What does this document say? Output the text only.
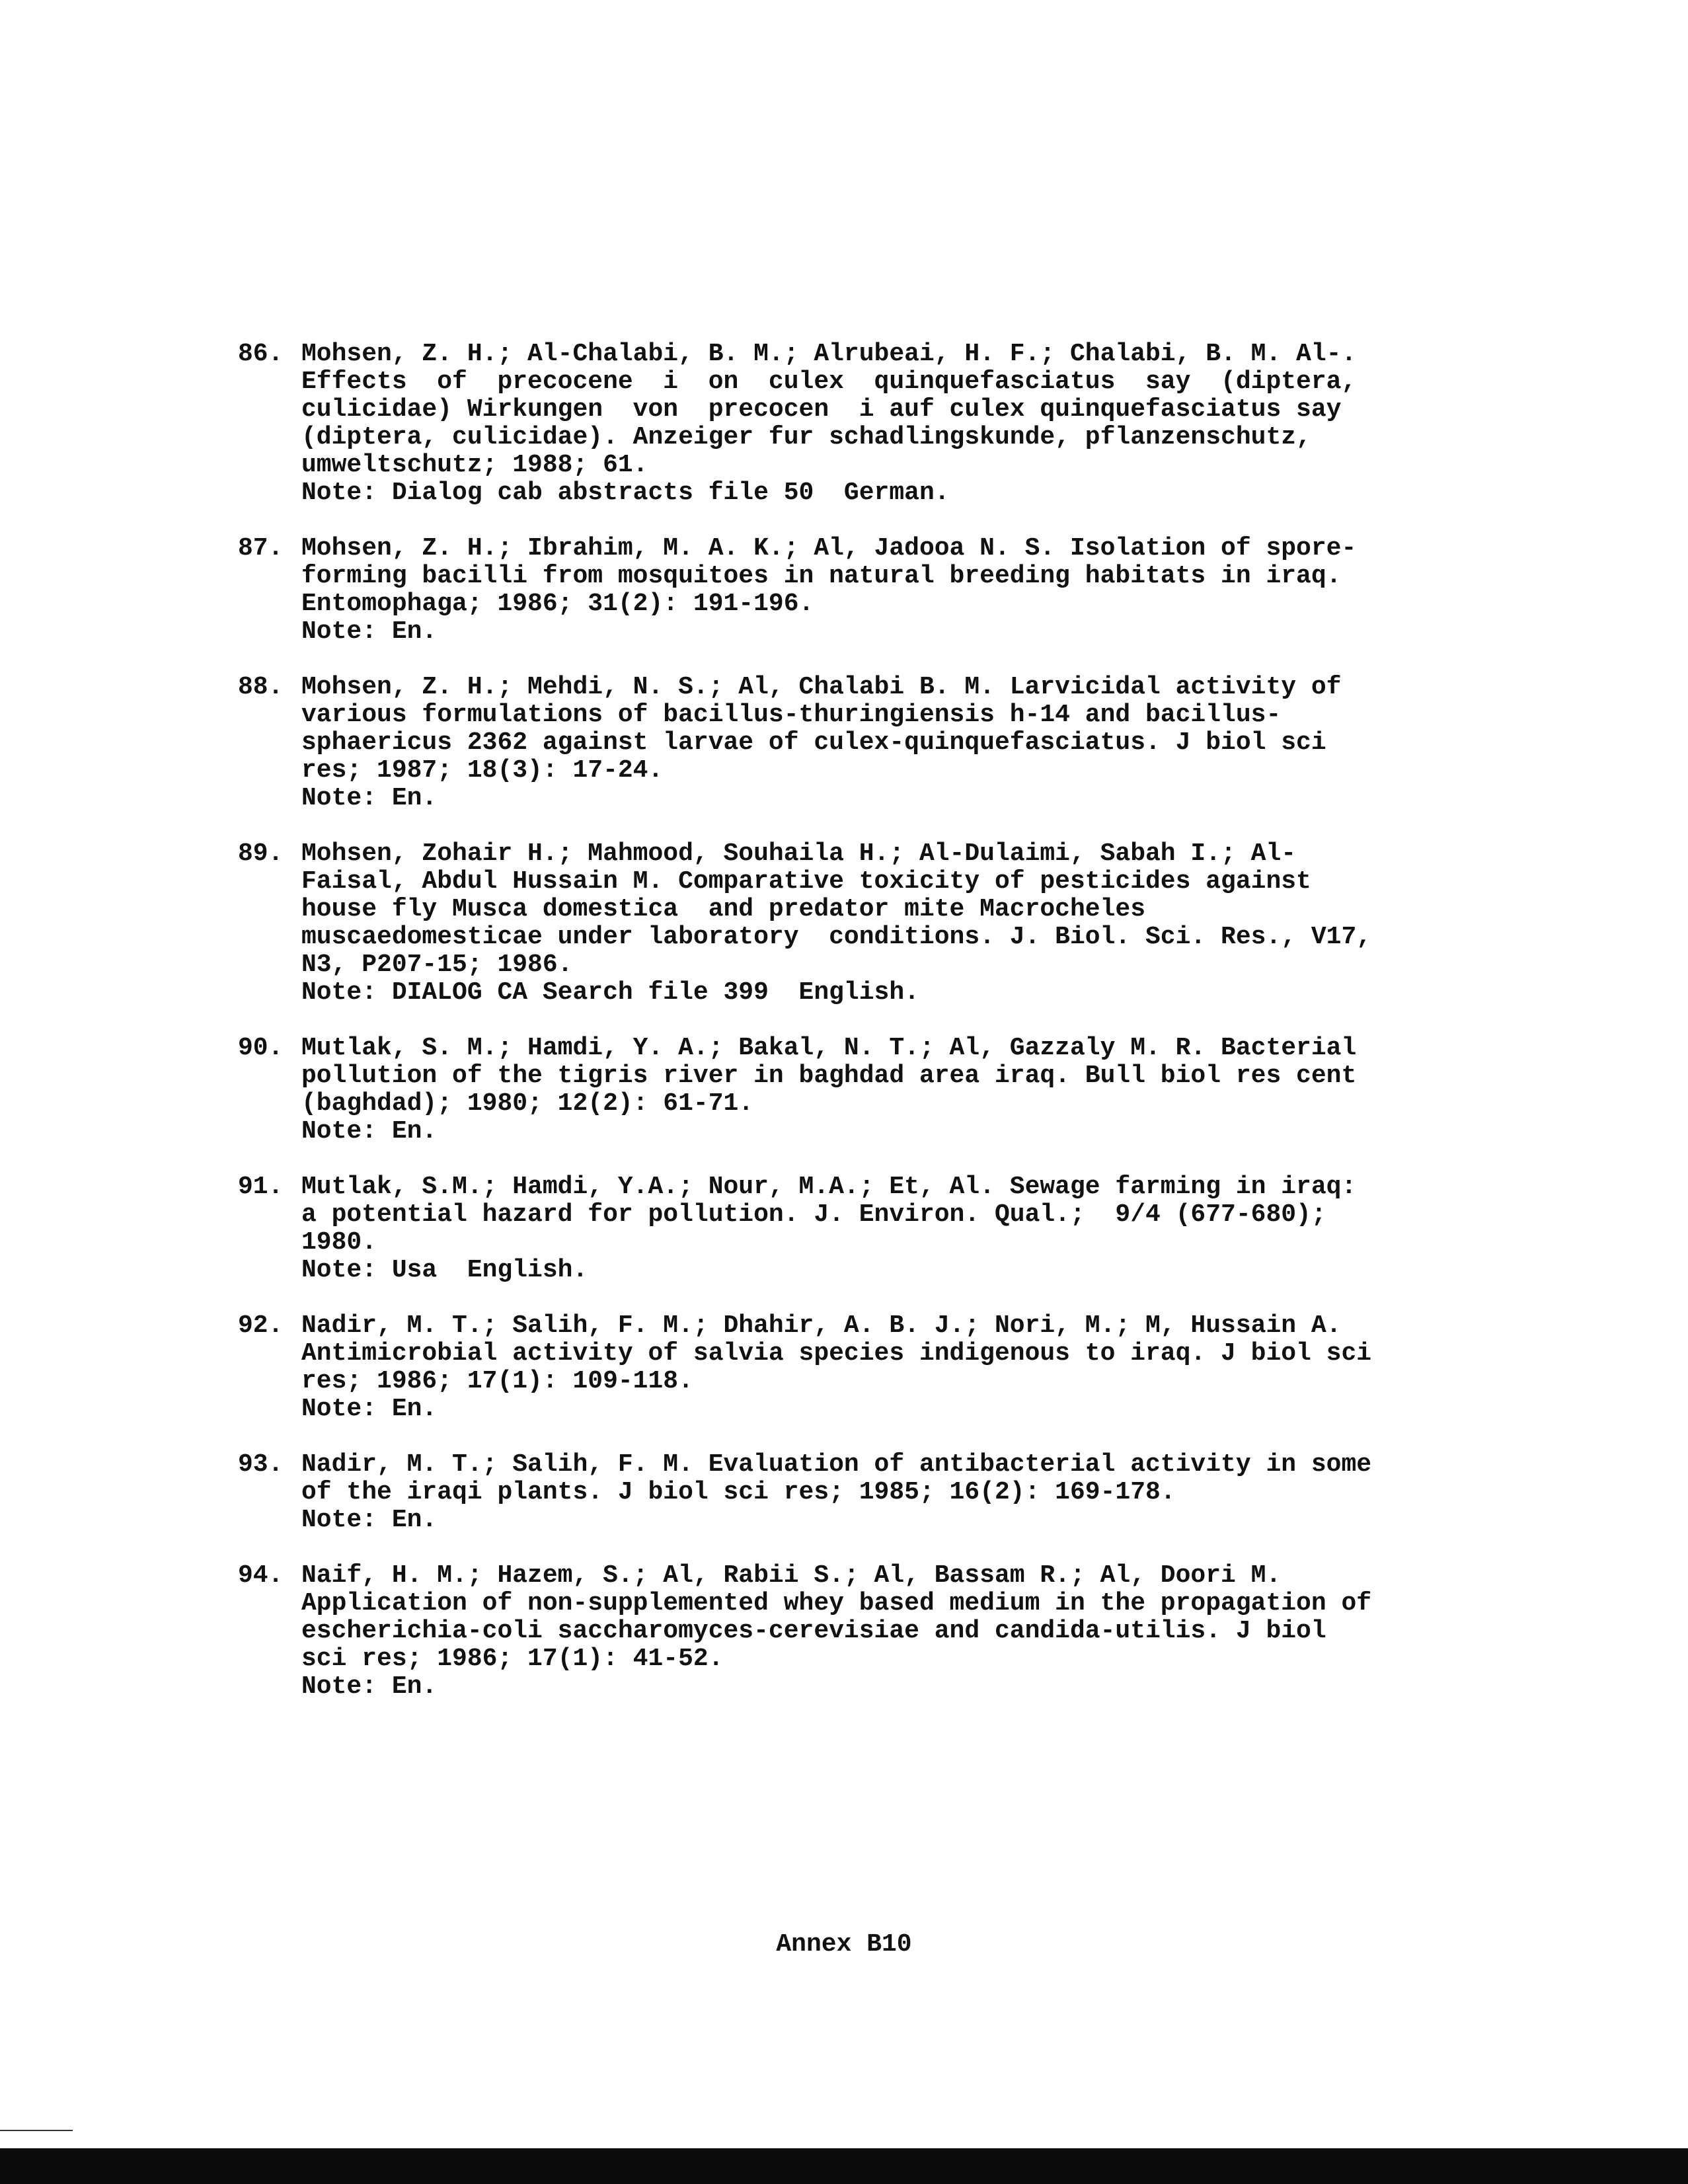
86. Mohsen, Z. H.; Al-Chalabi, B. M.; Alrubeai, H. F.; Chalabi, B. M. Al-.
Effects  of  precocene  i  on  culex  quinquefasciatus  say  (diptera,
culicidae) Wirkungen  von  precocen  i auf culex quinquefasciatus say
(diptera, culicidae). Anzeiger fur schadlingskunde, pflanzenschutz,
umweltschutz; 1988; 61.
Note: Dialog cab abstracts file 50  German.
87. Mohsen, Z. H.; Ibrahim, M. A. K.; Al, Jadooa N. S. Isolation of spore-
forming bacilli from mosquitoes in natural breeding habitats in iraq.
Entomophaga; 1986; 31(2): 191-196.
Note: En.
88. Mohsen, Z. H.; Mehdi, N. S.; Al, Chalabi B. M. Larvicidal activity of
various formulations of bacillus-thuringiensis h-14 and bacillus-
sphaericus 2362 against larvae of culex-quinquefasciatus. J biol sci
res; 1987; 18(3): 17-24.
Note: En.
89. Mohsen, Zohair H.; Mahmood, Souhaila H.; Al-Dulaimi, Sabah I.; Al-
Faisal, Abdul Hussain M. Comparative toxicity of pesticides against
house fly Musca domestica  and predator mite Macrocheles
muscaedomesticae under laboratory  conditions. J. Biol. Sci. Res., V17,
N3, P207-15; 1986.
Note: DIALOG CA Search file 399  English.
90. Mutlak, S. M.; Hamdi, Y. A.; Bakal, N. T.; Al, Gazzaly M. R. Bacterial
pollution of the tigris river in baghdad area iraq. Bull biol res cent
(baghdad); 1980; 12(2): 61-71.
Note: En.
91. Mutlak, S.M.; Hamdi, Y.A.; Nour, M.A.; Et, Al. Sewage farming in iraq:
a potential hazard for pollution. J. Environ. Qual.;  9/4 (677-680);
1980.
Note: Usa  English.
92. Nadir, M. T.; Salih, F. M.; Dhahir, A. B. J.; Nori, M.; M, Hussain A.
Antimicrobial activity of salvia species indigenous to iraq. J biol sci
res; 1986; 17(1): 109-118.
Note: En.
93. Nadir, M. T.; Salih, F. M. Evaluation of antibacterial activity in some
of the iraqi plants. J biol sci res; 1985; 16(2): 169-178.
Note: En.
94. Naif, H. M.; Hazem, S.; Al, Rabii S.; Al, Bassam R.; Al, Doori M.
Application of non-supplemented whey based medium in the propagation of
escherichia-coli saccharomyces-cerevisiae and candida-utilis. J biol
sci res; 1986; 17(1): 41-52.
Note: En.
Annex B10
